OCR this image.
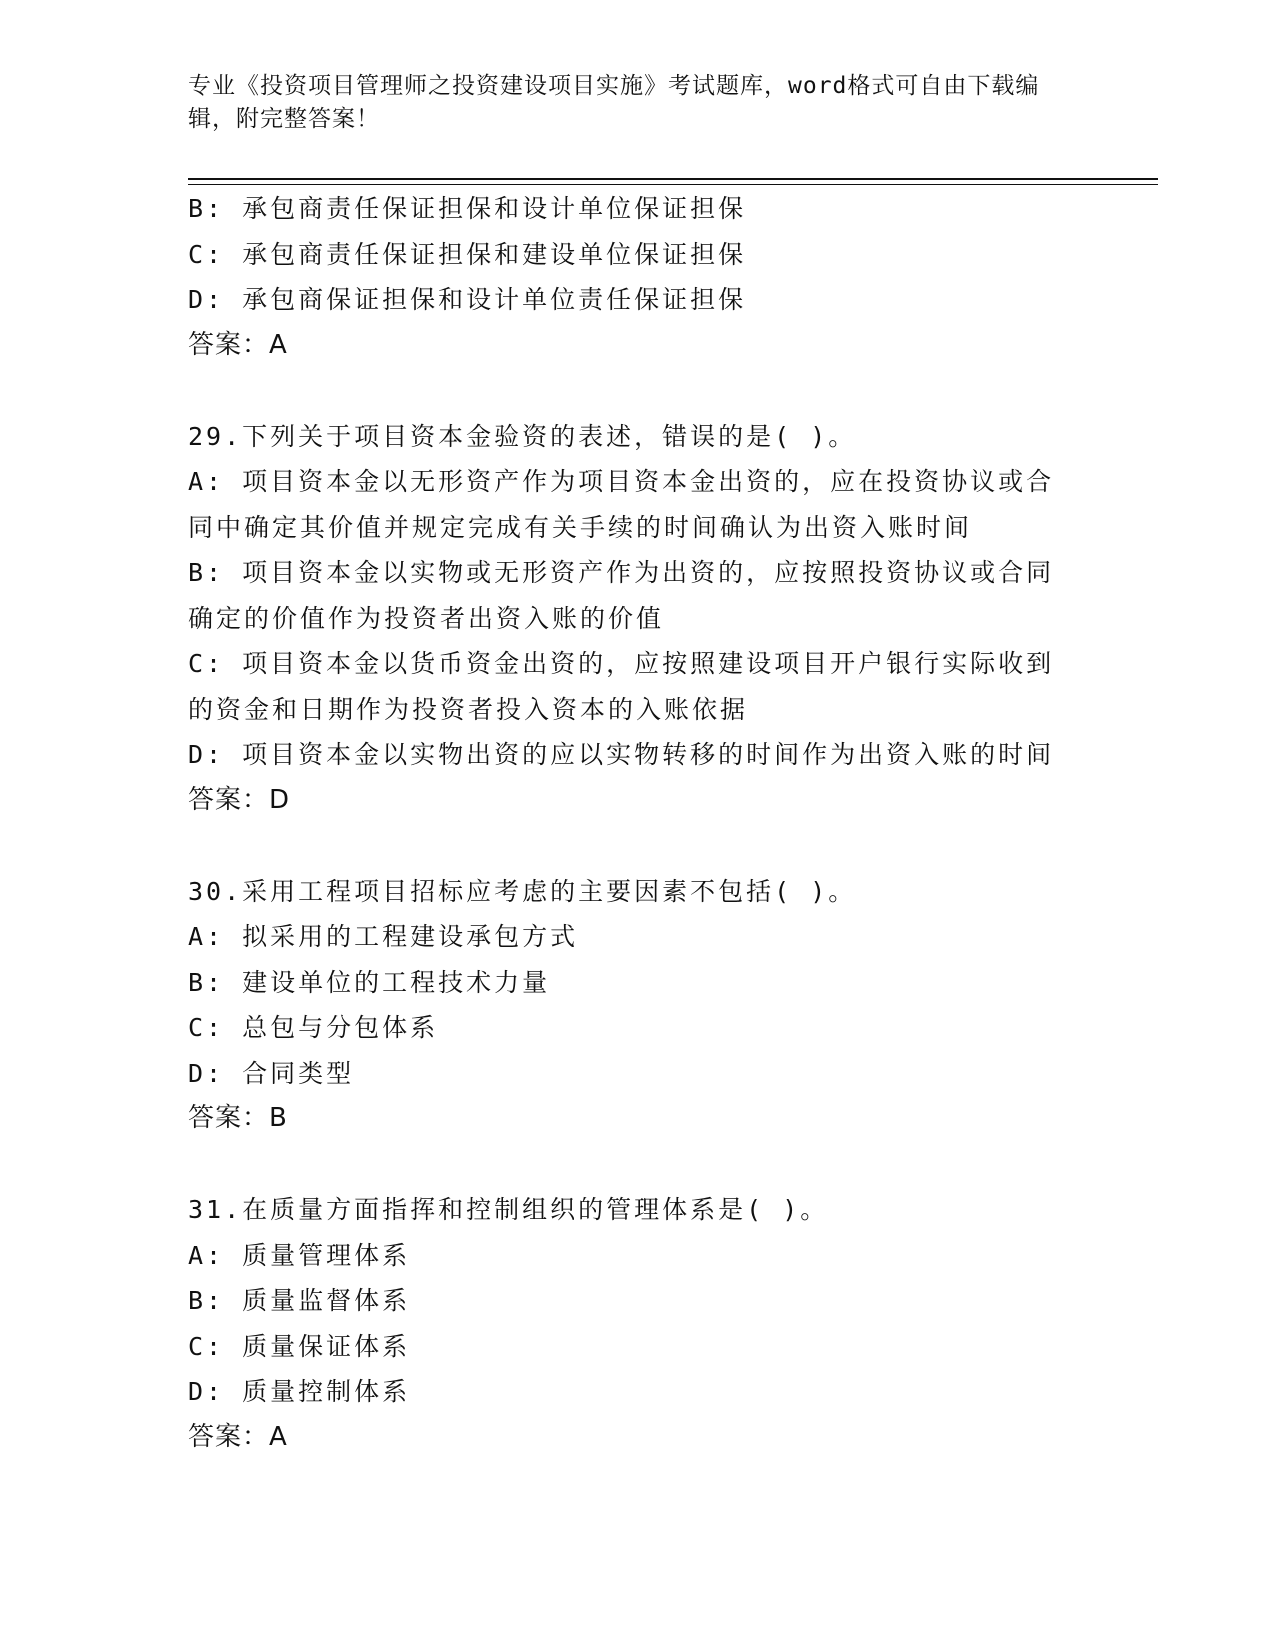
专业《投资项目管理师之投资建设项目实施》考试题库，word格式可自由下载编
辑，附完整答案！
B: 承包商责任保证担保和设计单位保证担保
C: 承包商责任保证担保和建设单位保证担保
D: 承包商保证担保和设计单位责任保证担保
答案：A
29.下列关于项目资本金验资的表述，错误的是( )。
A: 项目资本金以无形资产作为项目资本金出资的，应在投资协议或合
同中确定其价值并规定完成有关手续的时间确认为出资入账时间
B: 项目资本金以实物或无形资产作为出资的，应按照投资协议或合同
确定的价值作为投资者出资入账的价值
C: 项目资本金以货币资金出资的，应按照建设项目开户银行实际收到
的资金和日期作为投资者投入资本的入账依据
D: 项目资本金以实物出资的应以实物转移的时间作为出资入账的时间
答案：D
30.采用工程项目招标应考虑的主要因素不包括( )。
A: 拟采用的工程建设承包方式
B: 建设单位的工程技术力量
C: 总包与分包体系
D: 合同类型
答案：B
31.在质量方面指挥和控制组织的管理体系是( )。
A: 质量管理体系
B: 质量监督体系
C: 质量保证体系
D: 质量控制体系
答案：A
